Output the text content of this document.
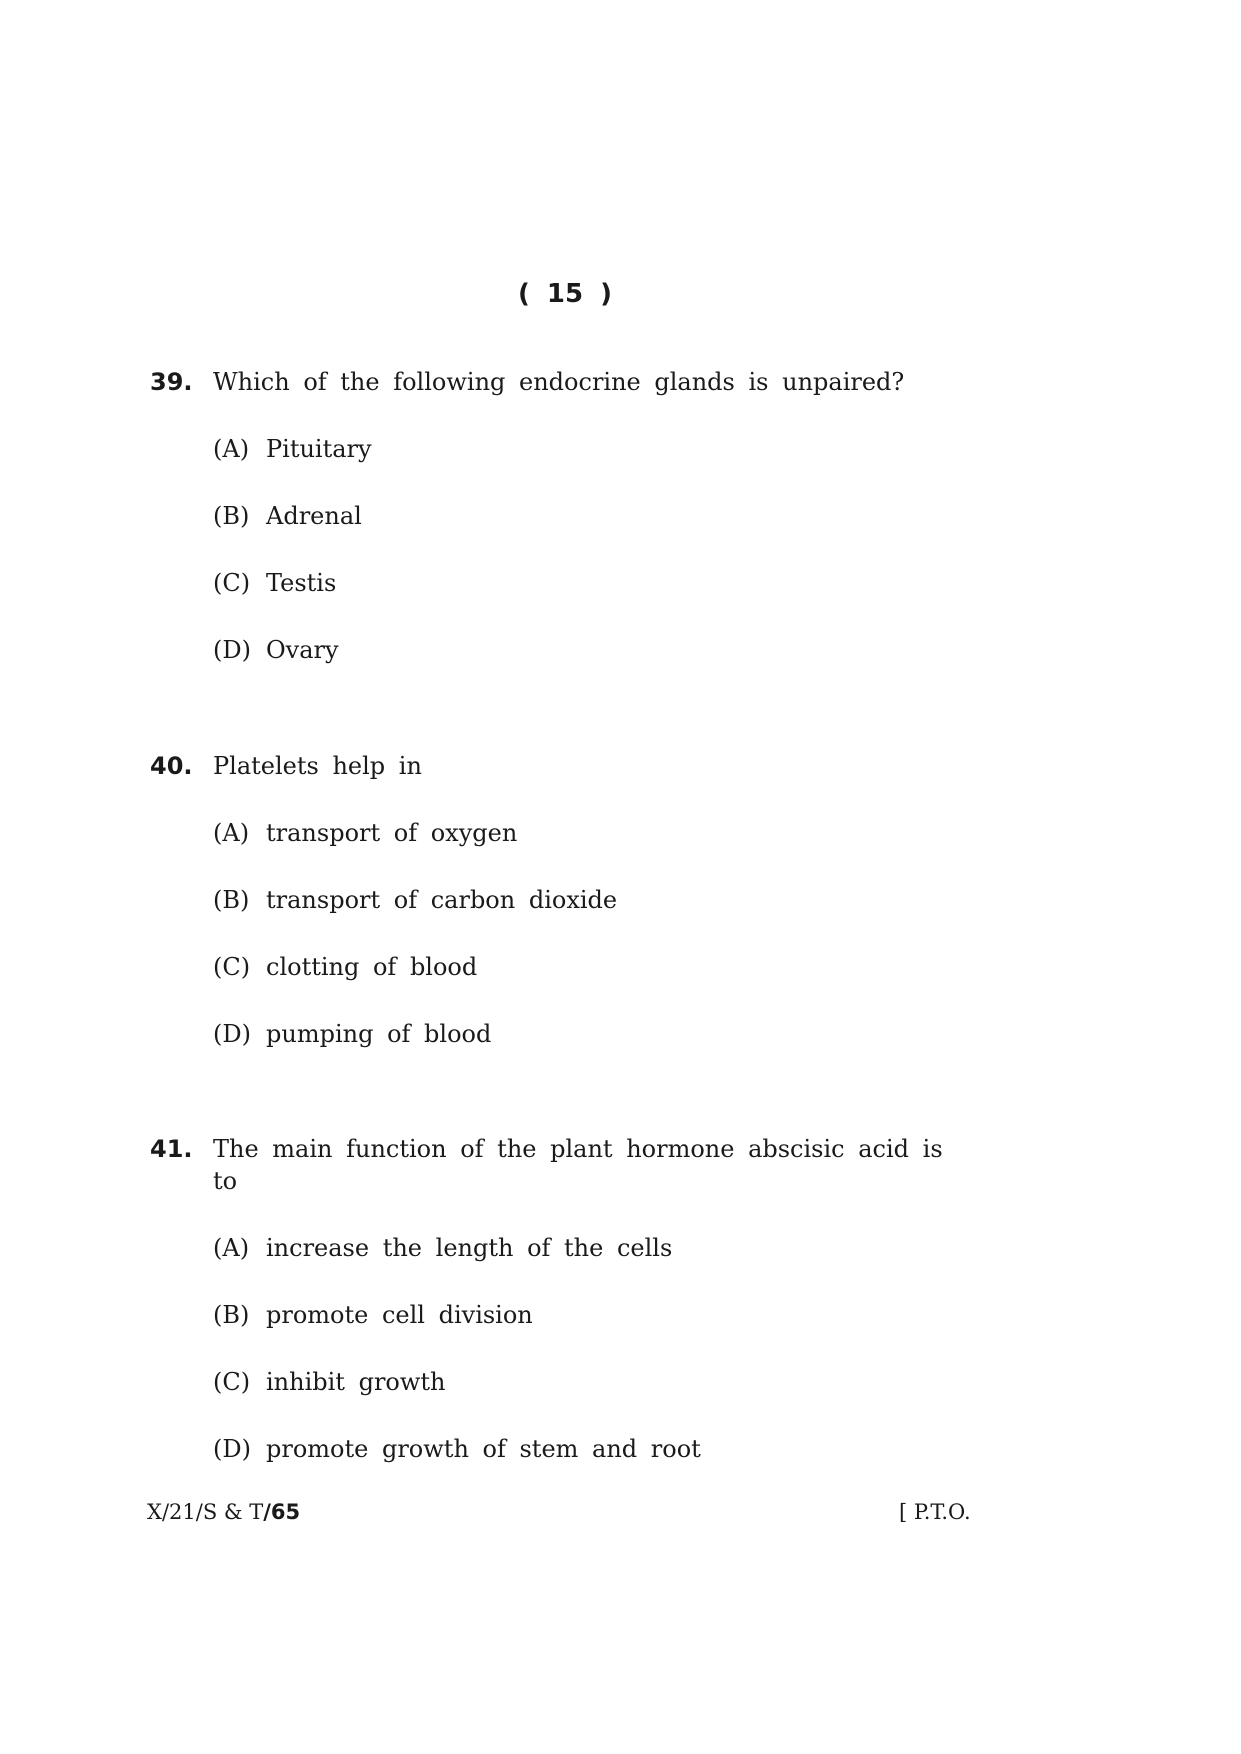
( 15 )
39. Which of the following endocrine glands is unpaired?
(A) Pituitary
(B) Adrenal
(C) Testis
(D) Ovary
40. Platelets help in
(A) transport of oxygen
(B) transport of carbon dioxide
(C) clotting of blood
(D) pumping of blood
41. The main function of the plant hormone abscisic acid is to
(A) increase the length of the cells
(B) promote cell division
(C) inhibit growth
(D) promote growth of stem and root
X/21/S & T/65	[ P.T.O.
